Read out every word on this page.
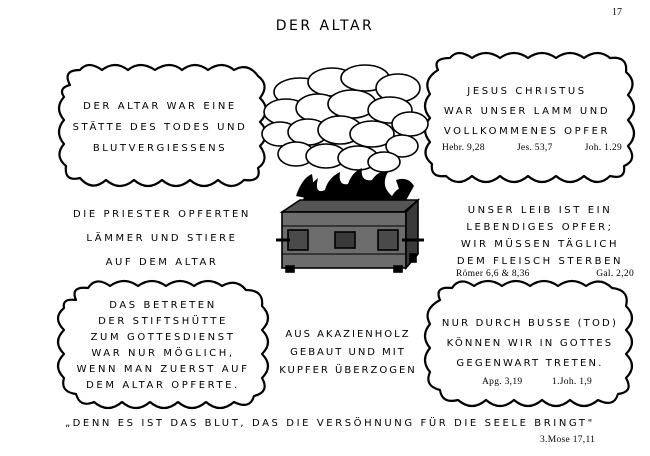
17
DER ALTAR
DER ALTAR WAR EINE
STÄTTE DES TODES UND
BLUTVERGIESSENS
JESUS CHRISTUS
WAR UNSER LAMM UND
VOLLKOMMENES OPFER
Hebr. 9,28	Jes. 53,7	Joh. 1.29
DIE PRIESTER OPFERTEN
LÄMMER UND STIERE
AUF DEM ALTAR
UNSER LEIB IST EIN
LEBENDIGES OPFER;
WIR MÜSSEN TÄGLICH
DEM FLEISCH STERBEN
Römer 6,6 & 8,36	Gal. 2,20
DAS BETRETEN
DER STIFTSHÜTTE
ZUM GOTTESDIENST
WAR NUR MÖGLICH,
WENN MAN ZUERST AUF
DEM ALTAR OPFERTE.
AUS AKAZIENHOLZ
GEBAUT UND MIT
KUPFER ÜBERZOGEN
NUR DURCH BUSSE (TOD)
KÖNNEN WIR IN GOTTES
GEGENWART TRETEN.
Apg. 3,19	1.Joh. 1,9
„DENN ES IST DAS BLUT, DAS DIE VERSÖHNUNG FÜR DIE SEELE BRINGT"
3.Mose 17,11
